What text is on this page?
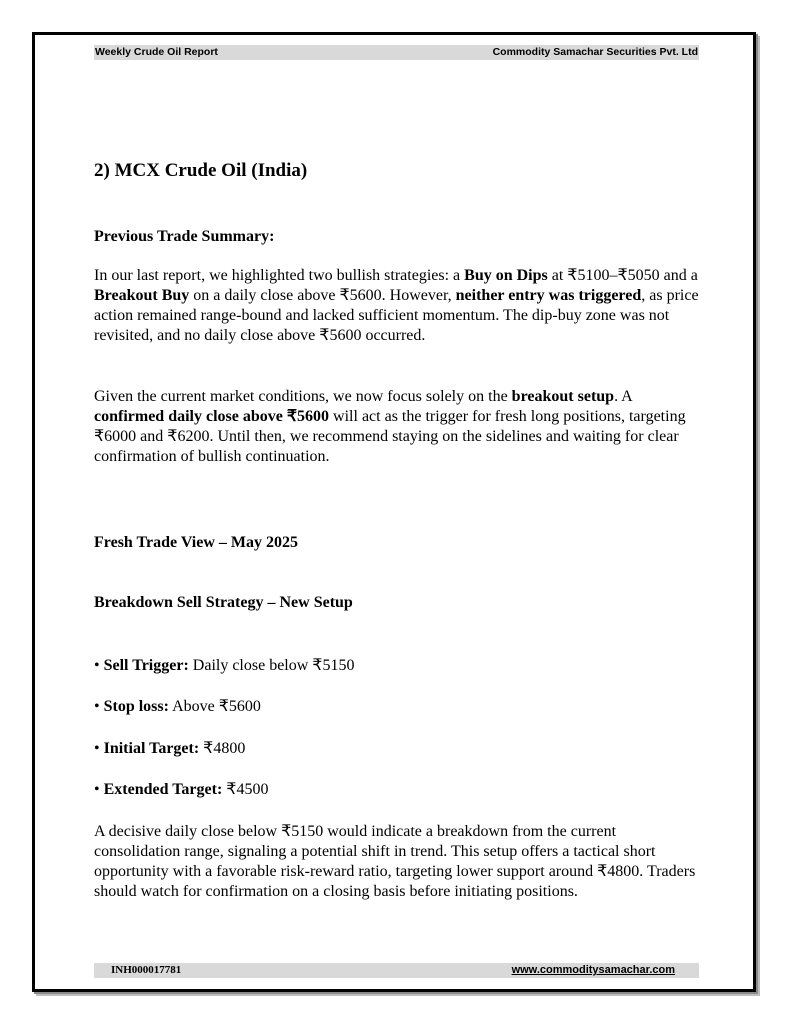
Weekly Crude Oil Report	Commodity Samachar Securities Pvt. Ltd
2) MCX Crude Oil (India)
Previous Trade Summary:

In our last report, we highlighted two bullish strategies: a Buy on Dips at ₹5100–₹5050 and a Breakout Buy on a daily close above ₹5600. However, neither entry was triggered, as price action remained range-bound and lacked sufficient momentum. The dip-buy zone was not revisited, and no daily close above ₹5600 occurred.

Given the current market conditions, we now focus solely on the breakout setup. A confirmed daily close above ₹5600 will act as the trigger for fresh long positions, targeting ₹6000 and ₹6200. Until then, we recommend staying on the sidelines and waiting for clear confirmation of bullish continuation.

Fresh Trade View – May 2025
Breakdown Sell Strategy – New Setup
• Sell Trigger: Daily close below ₹5150
• Stop loss: Above ₹5600
• Initial Target: ₹4800
• Extended Target: ₹4500

A decisive daily close below ₹5150 would indicate a breakdown from the current consolidation range, signaling a potential shift in trend. This setup offers a tactical short opportunity with a favorable risk-reward ratio, targeting lower support around ₹4800. Traders should watch for confirmation on a closing basis before initiating positions.

INH000017781	www.commoditysamachar.com
